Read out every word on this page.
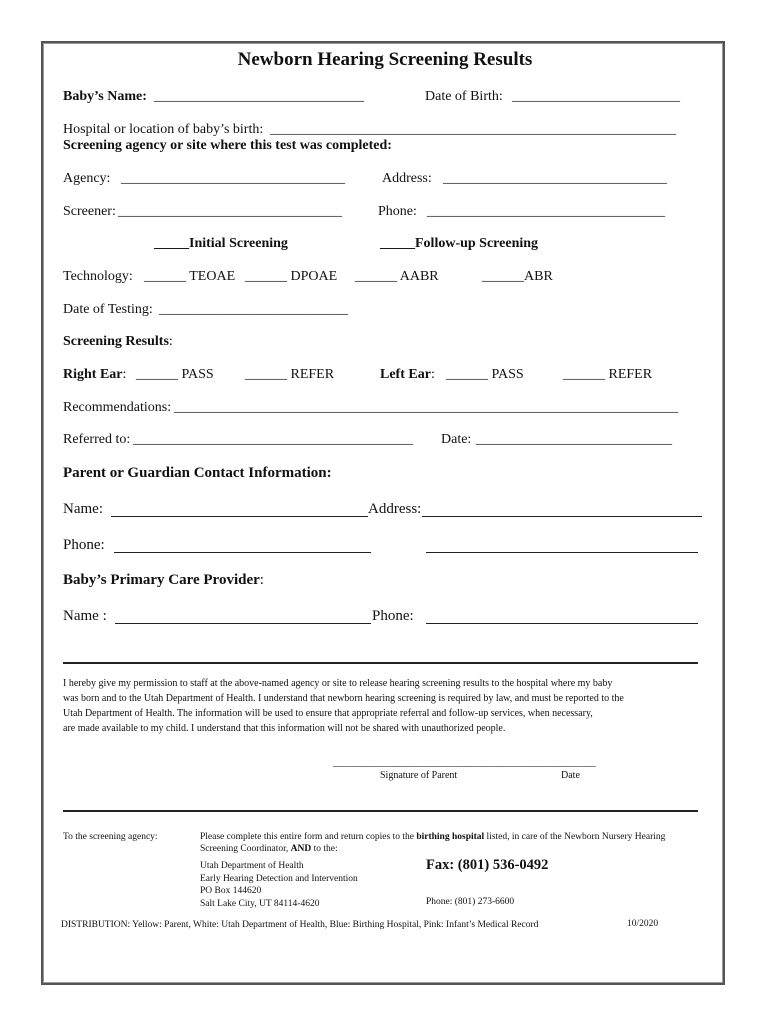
Newborn Hearing Screening Results
Baby’s Name: ______________________________	Date of Birth: ________________________
Hospital or location of baby’s birth: __________________________________________________________
Screening agency or site where this test was completed:
Agency: ________________________________	Address: ________________________________
Screener: ________________________________	Phone: __________________________________
_____Initial Screening	_____Follow-up Screening
Technology: ______ TEOAE ______ DPOAE ______ AABR	______ABR
Date of Testing: ___________________________
Screening Results:
Right Ear: ______ PASS ______ REFER	Left Ear: ______ PASS	______ REFER
Recommendations: ________________________________________________________________________
Referred to: ________________________________________ Date: ____________________________
Parent or Guardian Contact Information:
Name:	Address:
Phone:
Baby’s Primary Care Provider:
Name :	Phone:
I hereby give my permission to staff at the above-named agency or site to release hearing screening results to the hospital where my baby
was born and to the Utah Department of Health. I understand that newborn hearing screening is required by law, and must be reported to the
Utah Department of Health. The information will be used to ensure that appropriate referral and follow-up services, when necessary,
are made available to my child. I understand that this information will not be shared with unauthorized people.
_____________________________________________________
Signature of Parent	Date
To the screening agency:	Please complete this entire form and return copies to the birthing hospital listed, in care of the Newborn Nursery Hearing
Screening Coordinator, AND to the:
Utah Department of Health
Early Hearing Detection and Intervention
PO Box 144620
Salt Lake City, UT 84114-4620
Fax: (801) 536-0492
Phone: (801) 273-6600
DISTRIBUTION: Yellow: Parent, White: Utah Department of Health, Blue: Birthing Hospital, Pink: Infant’s Medical Record	10/2020
